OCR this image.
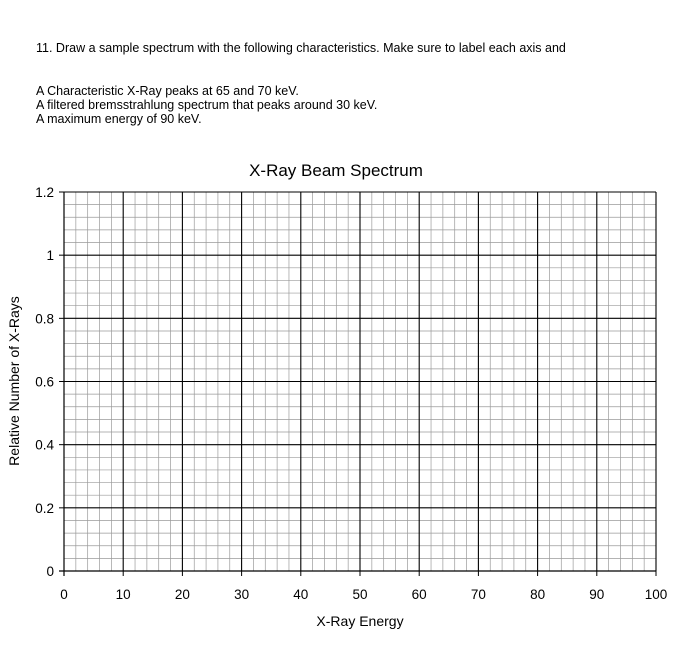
11. Draw a sample spectrum with the following characteristics. Make sure to label each axis and
A Characteristic X-Ray peaks at 65 and 70 keV.
A filtered bremsstrahlung spectrum that peaks around 30 keV.
A maximum energy of 90 keV.
0	10	20	30	40	50	60	70	80	90	100
0
0.2
0.4
0.6
0.8
1
1.2
X-Ray Beam Spectrum
X-Ray Energy
Relative Number of X-Rays
